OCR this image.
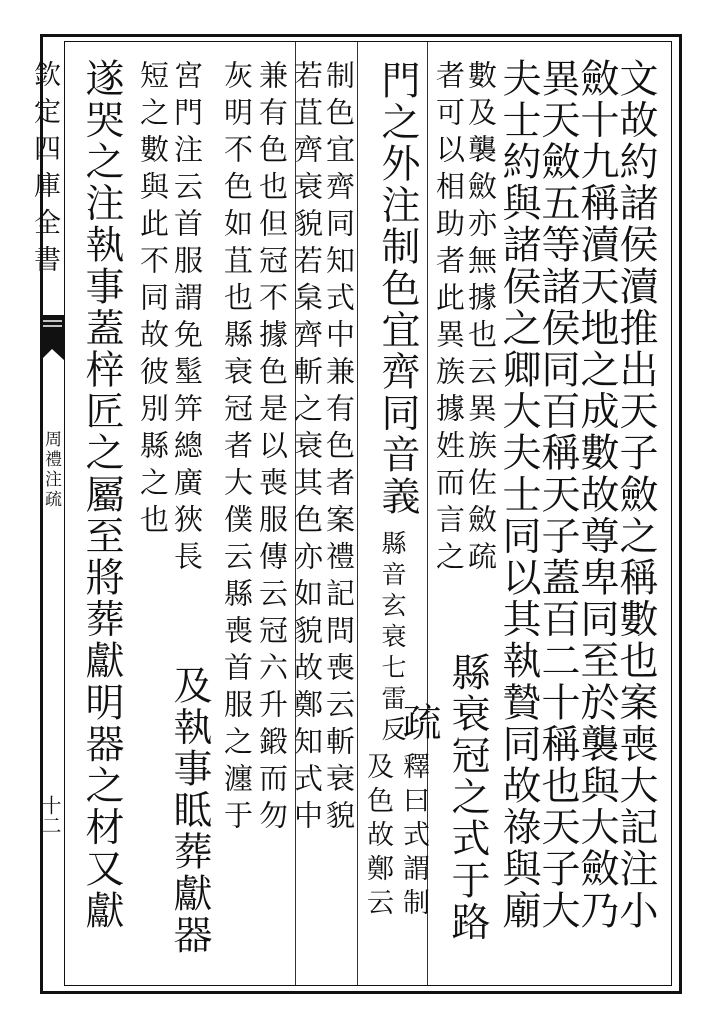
欽定四庫全書
周禮注疏
十二	文故約諸侯瀆推出天子斂之稱數也案喪大記注小
斂十九稱瀆天地之成數故尊卑同至於襲與大斂乃
異天斂五等諸侯同百稱天子蓋百二十稱也天子大
夫士約與諸侯之卿大夫士同以其執贄同故祿與廟
數及襲斂亦無據也云異族佐斂疏
縣衰冠之式于路
者可以相助者此異族據姓而言之
門之外注制色宜齊同音義
縣音玄衰七雷反
疏
釋曰式謂制
及色故鄭云
制色宜齊同知式中兼有色者案禮記問喪云斬衰貌
若苴齊衰貌若枲齊斬之衰其色亦如貌故鄭知式中
兼有色也但冠不據色是以喪服傳云冠六升鍛而勿
灰明不色如苴也縣衰冠者大僕云縣喪首服之瀍于
宮門注云首服謂免髽笄總廣狹長
及執事眡葬獻器
短之數與此不同故彼別縣之也
遂哭之注執事蓋梓匠之屬至將葬獻明器之材又獻
